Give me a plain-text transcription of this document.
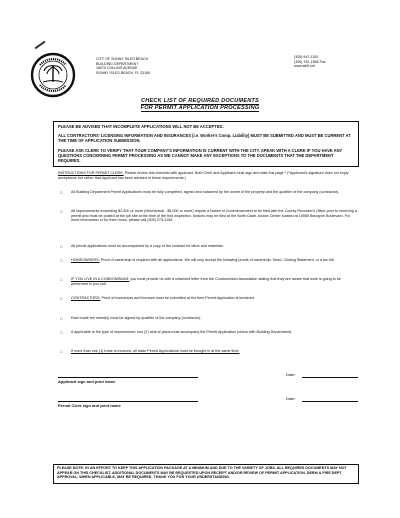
CITY OF SUNNY ISLES BEACH
BUILDING DEPARTMENT
18070 COLLINS AVENUE
SUNNY ISLES BEACH, FL 33160
(305) 947-1100
(305) 792-1565 Fax
www.sibfl.net
CHECK LIST OF REQUIRED DOCUMENTS
FOR PERMIT APPLICATION PROCESSING
PLEASE BE ADVISED THAT INCOMPLETE APPLICATIONS WILL NOT BE ACCEPTED.
ALL CONTRACTORS' LICENSING INFORMATION AND INSURANCES (i.e. Worker's Comp. Liability) MUST BE SUBMITTED AND MUST BE CURRENT AT THE TIME OF APPLICATION SUBMISSION.
PLEASE ASK CLERK TO VERIFY THAT YOUR COMPANY'S INFORMATION IS CURRENT WITH THE CITY. SPEAK WITH A CLERK IF YOU HAVE ANY QUESTIONS CONCERNING PERMIT PROCESSING AS WE CANNOT MAKE ANY EXCEPTIONS TO THE DOCUMENTS THAT THE DEPARTMENT REQUIRES.
INSTRUCTIONS FOR PERMIT CLERK: Please review this checklist with applicant. Both Clerk and Applicant must sign and date this page.* (*Applicant's signature does not imply acceptance but rather that Applicant has been advised of these requirements.)
□ All Building Department Permit Applications must be fully completed, signed and notarized by the owner of the property and the qualifier of the company (contractor).
□ All improvements exceeding $2,500 or more (Mechanical - $5,000 or more) require a Notice of Commencement to be filed with the County Recorder's Office prior to receiving a permit and must be posted at the job site at the time of the first inspection. Notices may be filed at the North Dade Justice Center located at 15555 Biscayne Boulevard. For more information or for their hours, please call (305) 275-1155.
□ All permit applications must be accompanied by a copy of the contract for labor and materials.
□ HOMEOWNERS: Proof of ownership is required with all applications. We will only accept the following proofs of ownership: Deed, Closing Statement, or a tax bill.
□ IF YOU LIVE IN A CONDOMINIUM, you must provide us with a notarized letter from the Condominium Association stating that they are aware that work is going to be performed in you unit.
□ CONTRACTORS: Proof of insurances and licenses must be submitted at the time Permit Application is tendered.
□ Each trade fee sheet(s) must be signed by qualifier of the company (contractor).
□ If applicable to the type of improvement, two (2) sets of plans must accompany the Permit Application (check with Building Department).
□ If more than one (1) trade is involved, all trade Permit Applications must be brought in at the same time.
Date:
Applicant sign and print name
Date:
Permit Clerk sign and print name
PLEASE NOTE: IN AN EFFORT TO KEEP THIS APPLICATION PACKAGE AT A MINIMUM AND DUE TO THE VARIETY OF JOBS, ALL REQUIRED DOCUMENTS MAY NOT APPEAR ON THIS CHECKLIST. ADDITIONAL DOCUMENTS MAY BE REQUESTED UPON RECEIPT AND/OR REVIEW OF PERMIT APPLICATION. DERM & FIRE DEPT APPROVAL, WHEN APPLICABLE, MAY BE REQUIRED. THANK YOU FOR YOUR UNDERSTANDING.
